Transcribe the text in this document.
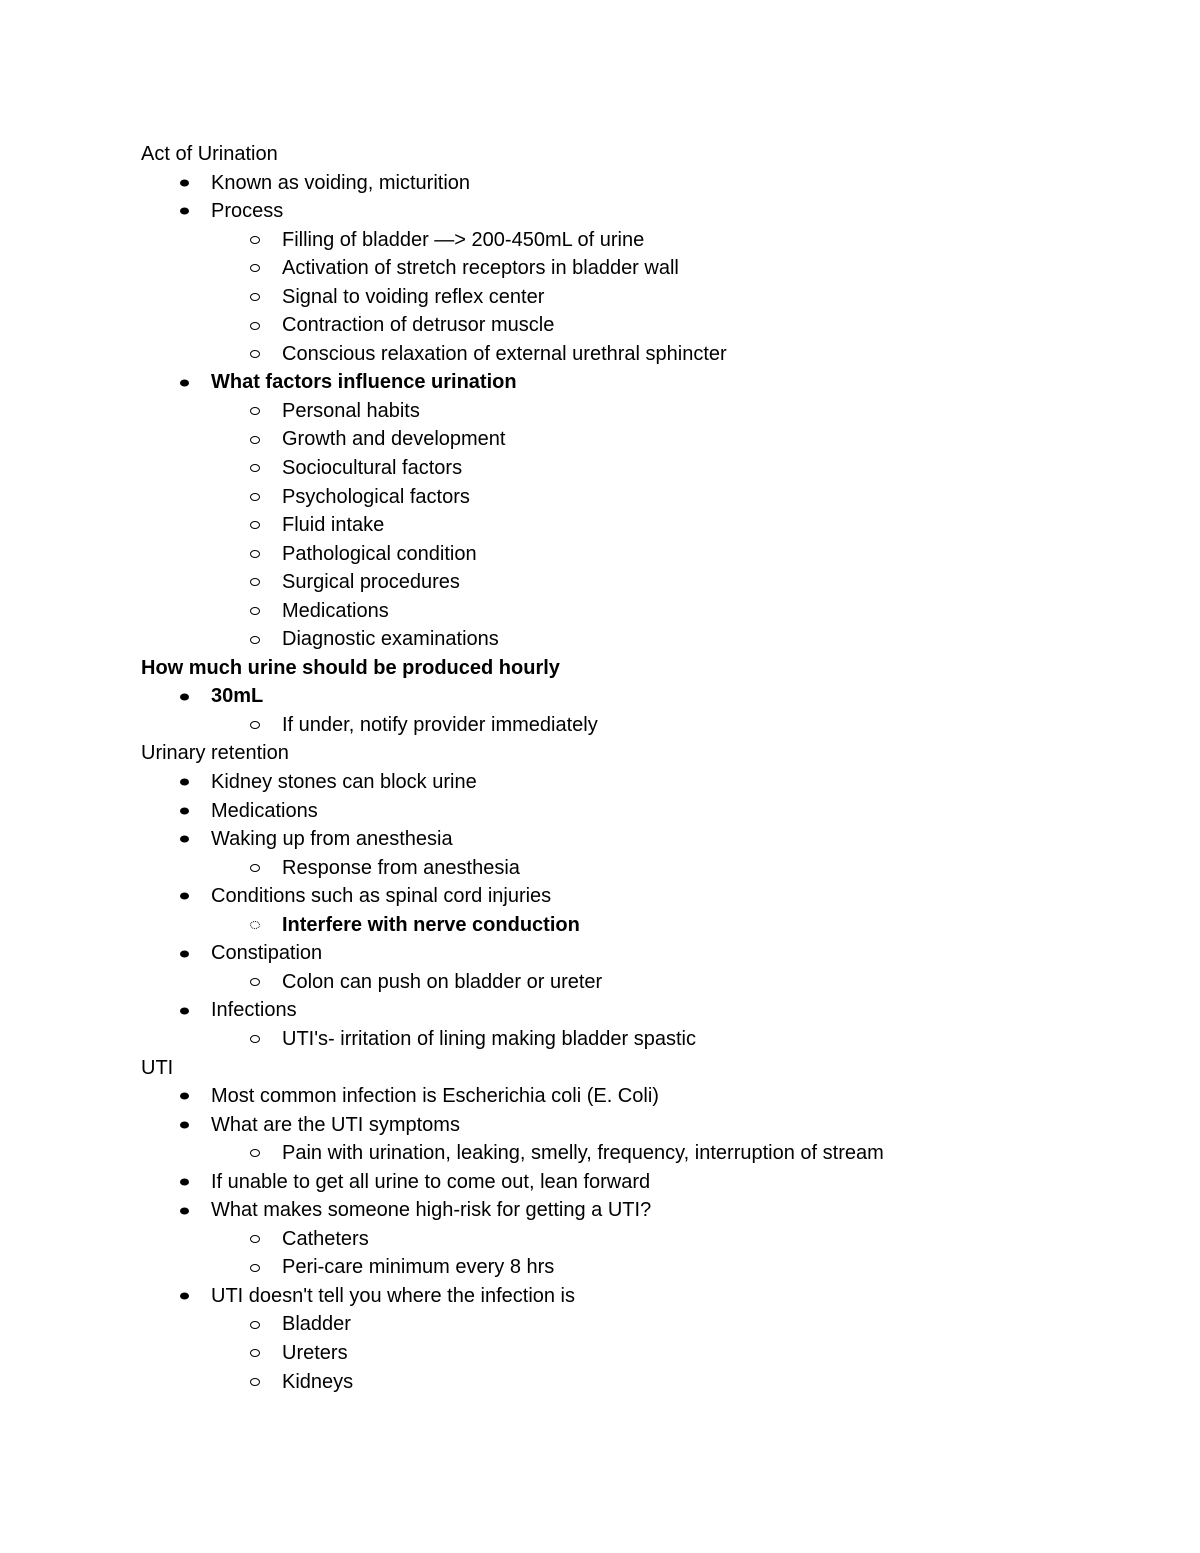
Act of Urination
Known as voiding, micturition
Process
Filling of bladder —> 200-450mL of urine
Activation of stretch receptors in bladder wall
Signal to voiding reflex center
Contraction of detrusor muscle
Conscious relaxation of external urethral sphincter
What factors influence urination
Personal habits
Growth and development
Sociocultural factors
Psychological factors
Fluid intake
Pathological condition
Surgical procedures
Medications
Diagnostic examinations
How much urine should be produced hourly
30mL
If under, notify provider immediately
Urinary retention
Kidney stones can block urine
Medications
Waking up from anesthesia
Response from anesthesia
Conditions such as spinal cord injuries
Interfere with nerve conduction
Constipation
Colon can push on bladder or ureter
Infections
UTI's- irritation of lining making bladder spastic
UTI
Most common infection is Escherichia coli (E. Coli)
What are the UTI symptoms
Pain with urination, leaking, smelly, frequency, interruption of stream
If unable to get all urine to come out, lean forward
What makes someone high-risk for getting a UTI?
Catheters
Peri-care minimum every 8 hrs
UTI doesn't tell you where the infection is
Bladder
Ureters
Kidneys
